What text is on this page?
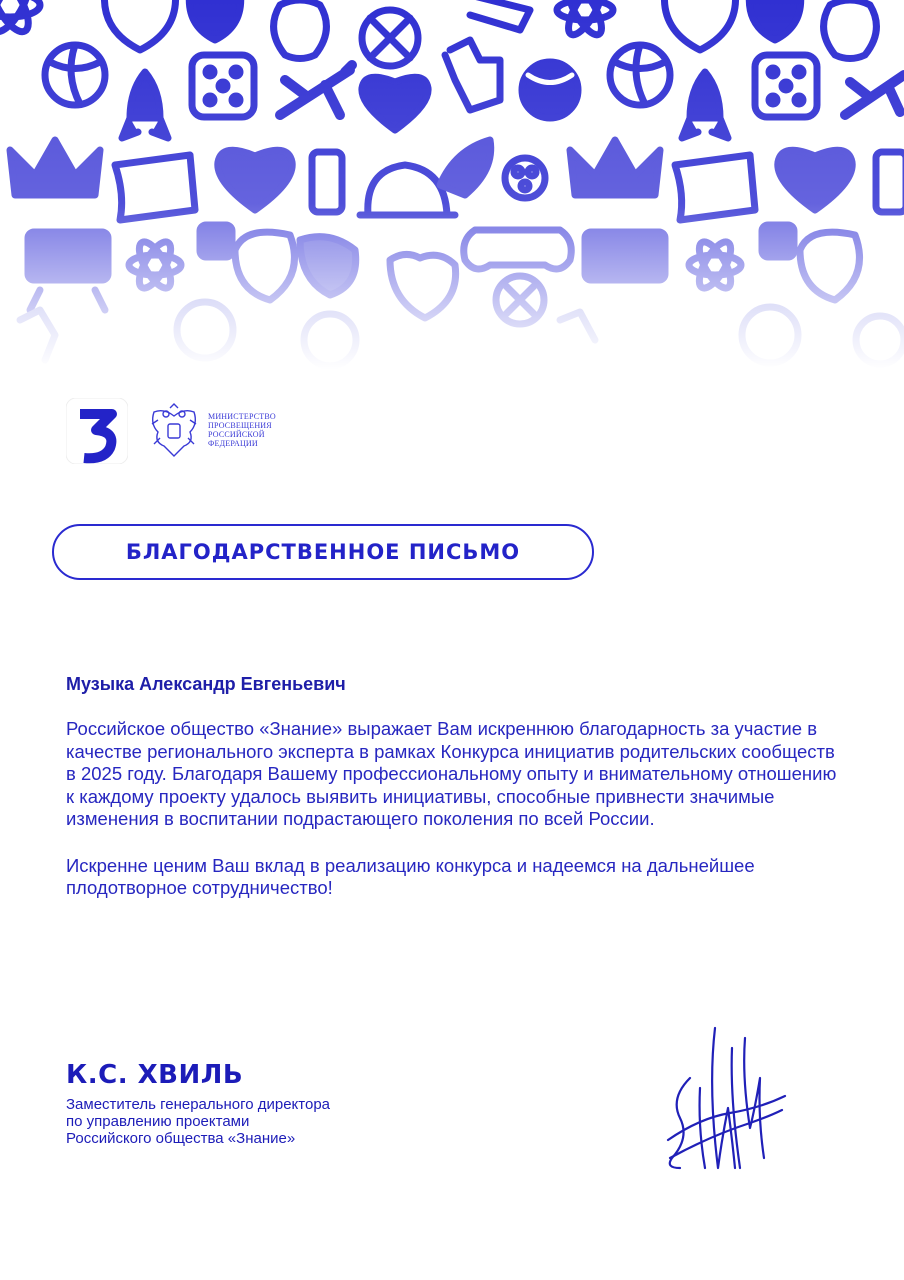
МИНИСТЕРСТВО
ПРОСВЕЩЕНИЯ
РОССИЙСКОЙ
ФЕДЕРАЦИИ
БЛАГОДАРСТВЕННОЕ ПИСЬМО
Музыка Александр Евгеньевич

Российское общество «Знание» выражает Вам искреннюю благодарность за участие в качестве регионального эксперта в рамках Конкурса инициатив родительских сообществ в 2025 году. Благодаря Вашему профессиональному опыту и внимательному отношению к каждому проекту удалось выявить инициативы, способные привнести значимые изменения в воспитании подрастающего поколения по всей России.

Искренне ценим Ваш вклад в реализацию конкурса и надеемся на дальнейшее плодотворное сотрудничество!

К.С. ХВИЛЬ
Заместитель генерального директора
по управлению проектами
Российского общества «Знание»
